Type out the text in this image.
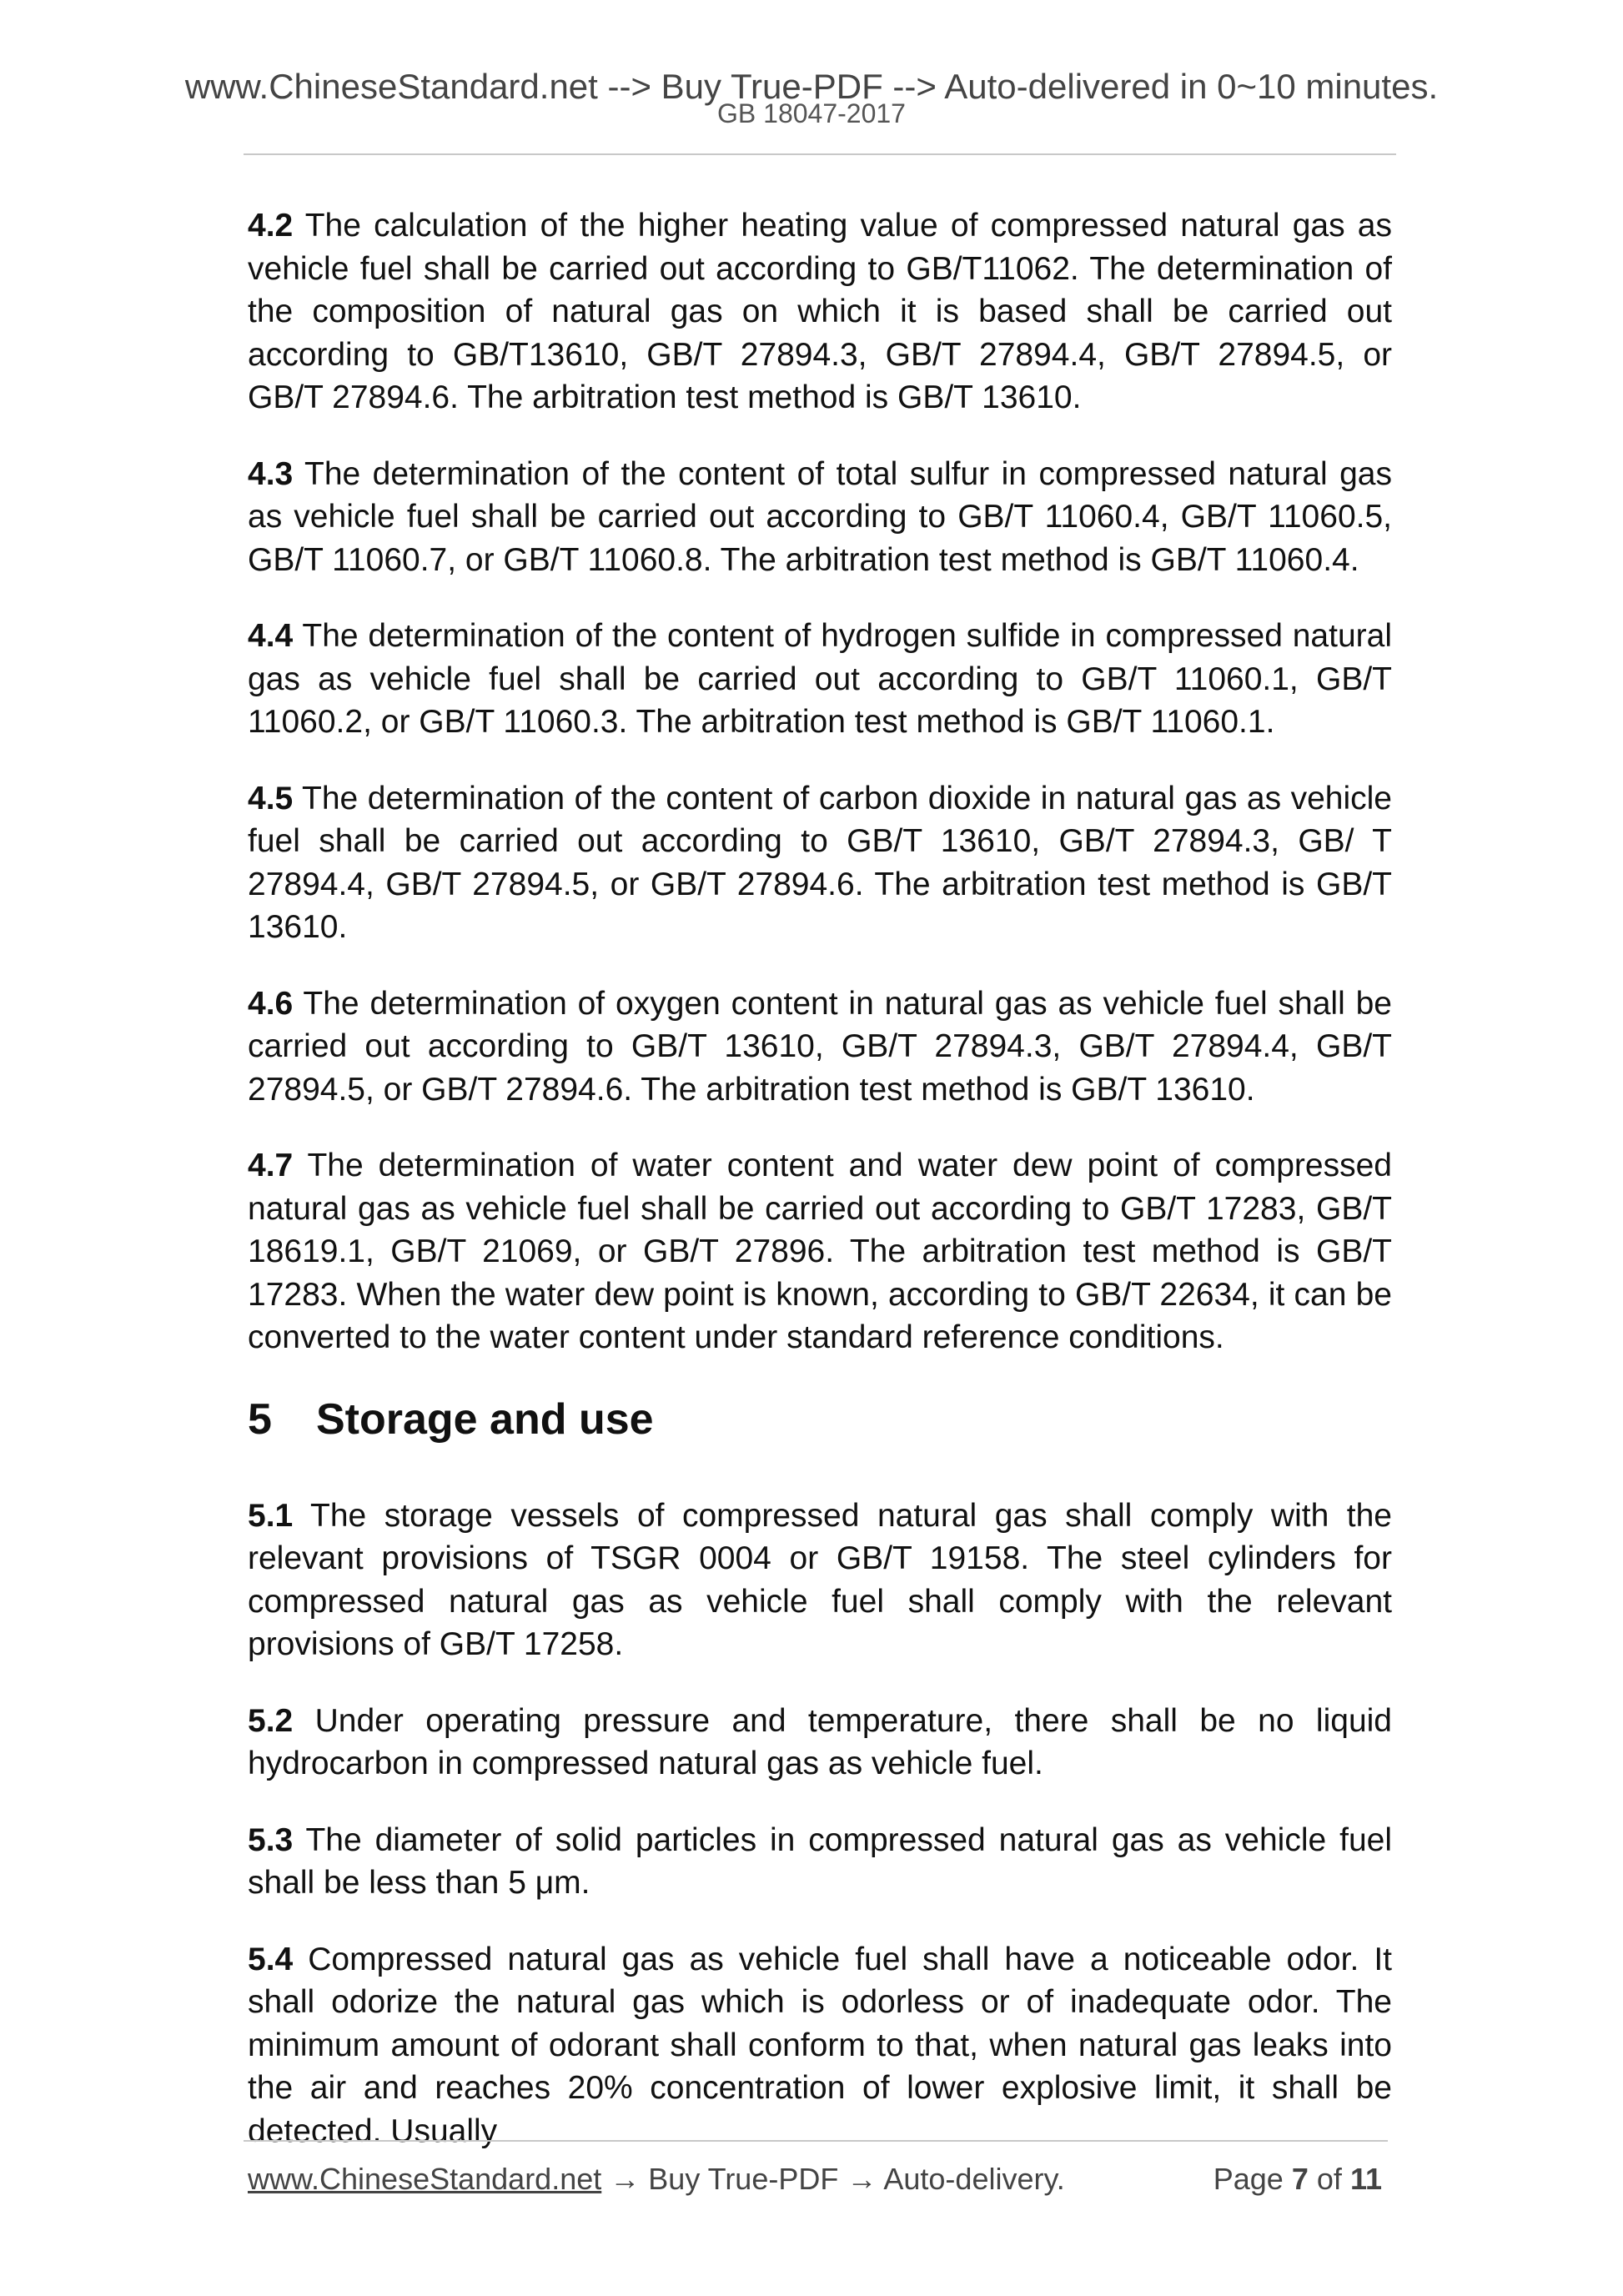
www.ChineseStandard.net --> Buy True-PDF --> Auto-delivered in 0~10 minutes.
GB 18047-2017

4.2 The calculation of the higher heating value of compressed natural gas as vehicle fuel shall be carried out according to GB/T11062. The determination of the composition of natural gas on which it is based shall be carried out according to GB/T13610, GB/T 27894.3, GB/T 27894.4, GB/T 27894.5, or GB/T 27894.6. The arbitration test method is GB/T 13610.

4.3 The determination of the content of total sulfur in compressed natural gas as vehicle fuel shall be carried out according to GB/T 11060.4, GB/T 11060.5, GB/T 11060.7, or GB/T 11060.8. The arbitration test method is GB/T 11060.4.

4.4 The determination of the content of hydrogen sulfide in compressed natural gas as vehicle fuel shall be carried out according to GB/T 11060.1, GB/T 11060.2, or GB/T 11060.3. The arbitration test method is GB/T 11060.1.

4.5 The determination of the content of carbon dioxide in natural gas as vehicle fuel shall be carried out according to GB/T 13610, GB/T 27894.3, GB/ T 27894.4, GB/T 27894.5, or GB/T 27894.6. The arbitration test method is GB/T 13610.

4.6 The determination of oxygen content in natural gas as vehicle fuel shall be carried out according to GB/T 13610, GB/T 27894.3, GB/T 27894.4, GB/T 27894.5, or GB/T 27894.6. The arbitration test method is GB/T 13610.

4.7 The determination of water content and water dew point of compressed natural gas as vehicle fuel shall be carried out according to GB/T 17283, GB/T 18619.1, GB/T 21069, or GB/T 27896. The arbitration test method is GB/T 17283. When the water dew point is known, according to GB/T 22634, it can be converted to the water content under standard reference conditions.

5 Storage and use

5.1 The storage vessels of compressed natural gas shall comply with the relevant provisions of TSGR 0004 or GB/T 19158. The steel cylinders for compressed natural gas as vehicle fuel shall comply with the relevant provisions of GB/T 17258.

5.2 Under operating pressure and temperature, there shall be no liquid hydrocarbon in compressed natural gas as vehicle fuel.

5.3 The diameter of solid particles in compressed natural gas as vehicle fuel shall be less than 5 μm.

5.4 Compressed natural gas as vehicle fuel shall have a noticeable odor. It shall odorize the natural gas which is odorless or of inadequate odor. The minimum amount of odorant shall conform to that, when natural gas leaks into the air and reaches 20% concentration of lower explosive limit, it shall be detected. Usually

www.ChineseStandard.net → Buy True-PDF → Auto-delivery.	Page 7 of 11
